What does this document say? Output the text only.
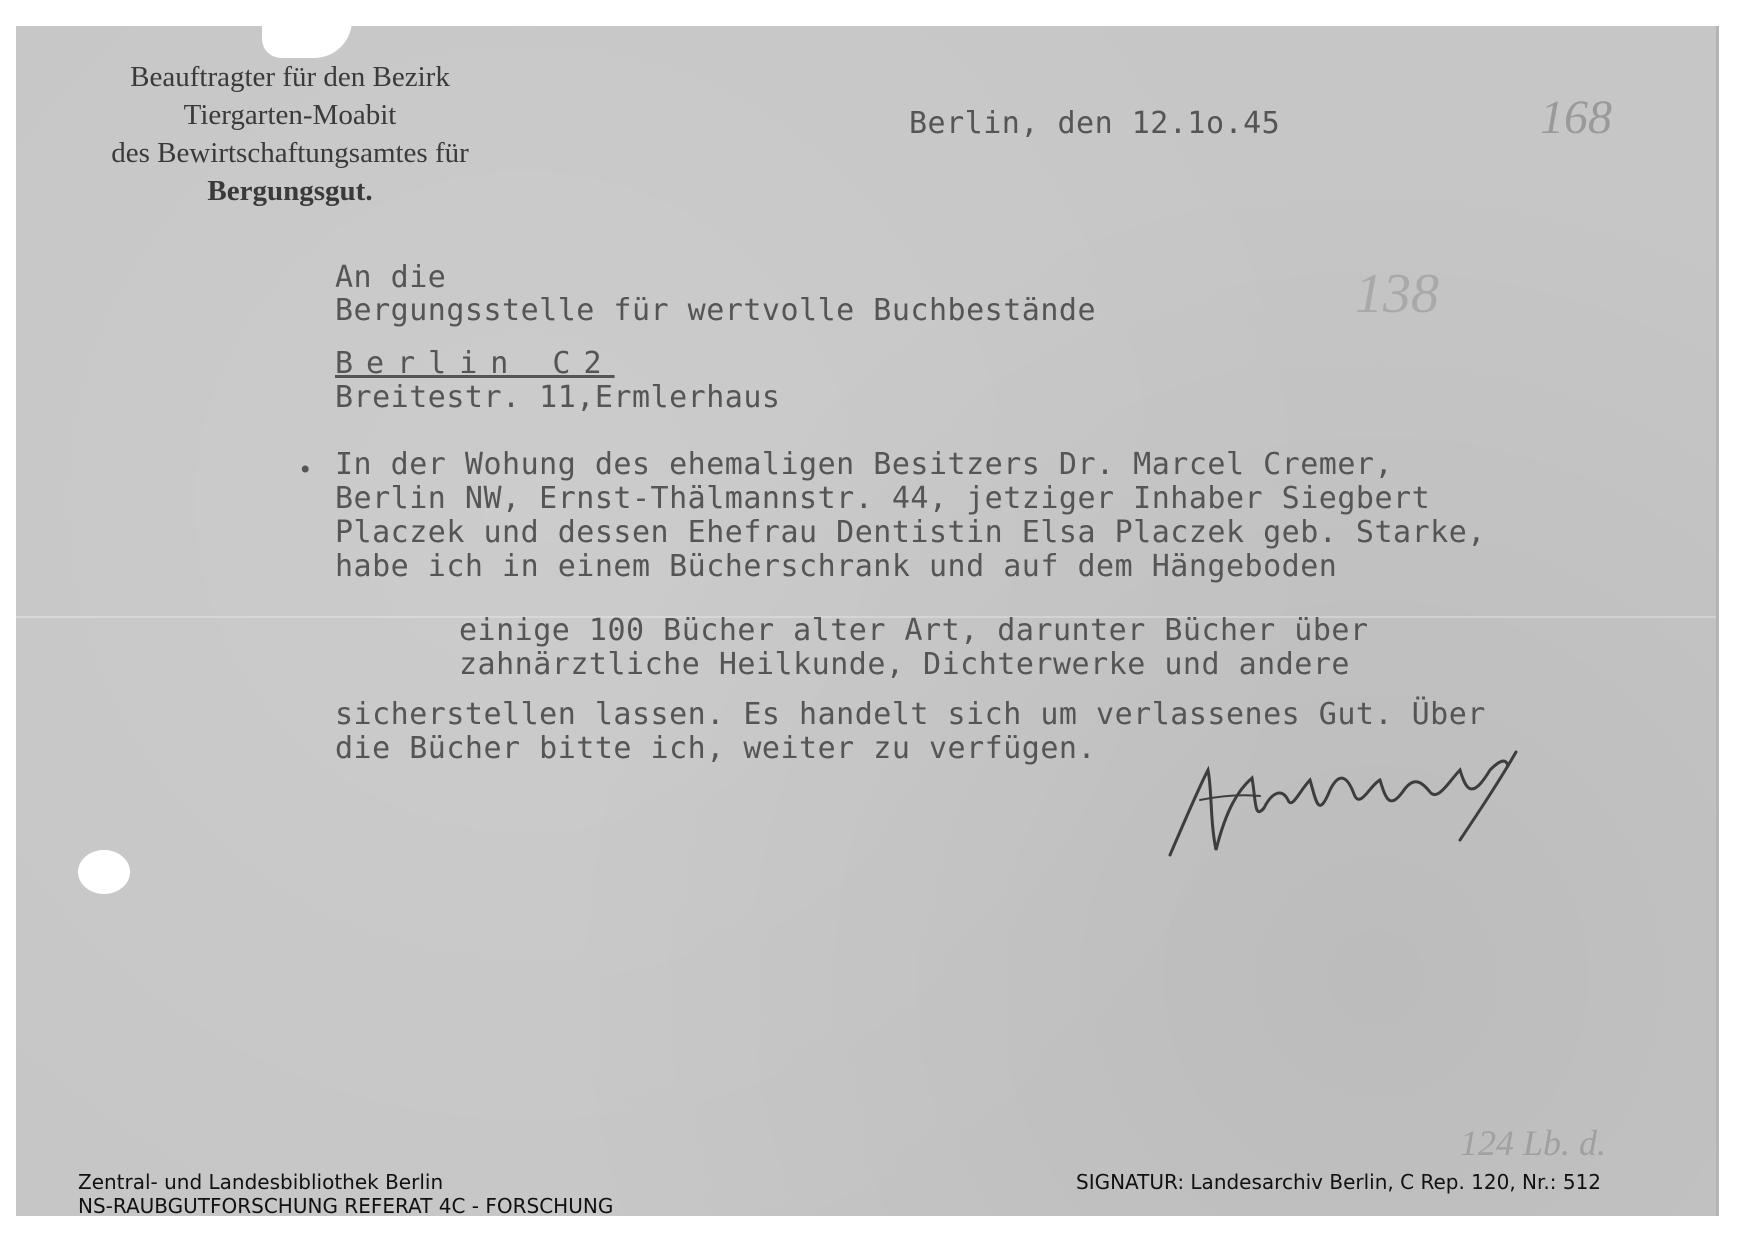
Beauftragter für den Bezirk
Tiergarten-Moabit
des Bewirtschaftungsamtes für
Bergungsgut.
Berlin, den 12.1o.45	168
138
124 Lb. d.
An die
Bergungsstelle für wertvolle Buchbestände
Berlin C2
Breitestr. 11,Ermlerhaus
• In der Wohung des ehemaligen Besitzers Dr. Marcel Cremer,
Berlin NW, Ernst-Thälmannstr. 44, jetziger Inhaber Siegbert
Placzek und dessen Ehefrau Dentistin Elsa Placzek geb. Starke,
habe ich in einem Bücherschrank und auf dem Hängeboden
einige 100 Bücher alter Art, darunter Bücher über
zahnärztliche Heilkunde, Dichterwerke und andere
sicherstellen lassen. Es handelt sich um verlassenes Gut. Über
die Bücher bitte ich, weiter zu verfügen.
Zentral- und Landesbibliothek Berlin
NS-RAUBGUTFORSCHUNG REFERAT 4C - FORSCHUNG
SIGNATUR: Landesarchiv Berlin, C Rep. 120, Nr.: 512
